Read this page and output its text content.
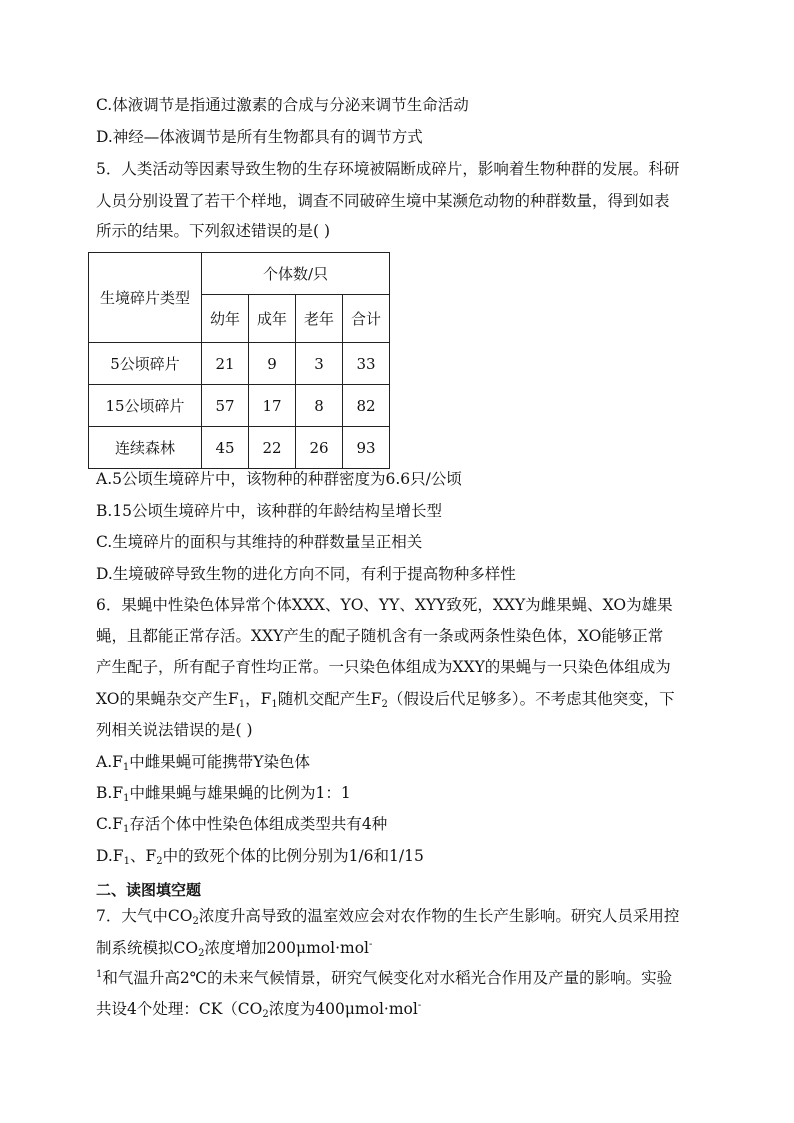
C.体液调节是指通过激素的合成与分泌来调节生命活动
D.神经—体液调节是所有生物都具有的调节方式
5．人类活动等因素导致生物的生存环境被隔断成碎片，影响着生物种群的发展。科研
人员分别设置了若干个样地，调查不同破碎生境中某濒危动物的种群数量，得到如表
所示的结果。下列叙述错误的是( )
生境碎片类型	个体数/只			
	幼年	成年	老年	合计
5公顷碎片	21	9	3	33
15公顷碎片	57	17	8	82
连续森林	45	22	26	93
A.5公顷生境碎片中，该物种的种群密度为6.6只/公顷
B.15公顷生境碎片中，该种群的年龄结构呈增长型
C.生境碎片的面积与其维持的种群数量呈正相关
D.生境破碎导致生物的进化方向不同，有利于提高物种多样性
6．果蝇中性染色体异常个体XXX、YO、YY、XYY致死，XXY为雌果蝇、XO为雄果
蝇，且都能正常存活。XXY产生的配子随机含有一条或两条性染色体，XO能够正常
产生配子，所有配子育性均正常。一只染色体组成为XXY的果蝇与一只染色体组成为
XO的果蝇杂交产生$F_1$，$F_1$随机交配产生$F_2$（假设后代足够多）。不考虑其他突变，下
列相关说法错误的是( )
$A.F_1$中雌果蝇可能携带Y染色体
$B.F_1$中雌果蝇与雄果蝇的比例为1：1
$C.F_1$存活个体中性染色体组成类型共有4种
$D.F_1$、$F_2$中的致死个体的比例分别为1/6和1/15
二、读图填空题
7．大气中$CO_2$浓度升高导致的温室效应会对农作物的生长产生影响。研究人员采用控
制系统模拟$CO_2$浓度增加200μmol·mol-
$^1$和气温升高2℃的未来气候情景，研究气候变化对水稻光合作用及产量的影响。实验
共设4个处理：$CK(CO_2$浓度为400μmol·mol-
